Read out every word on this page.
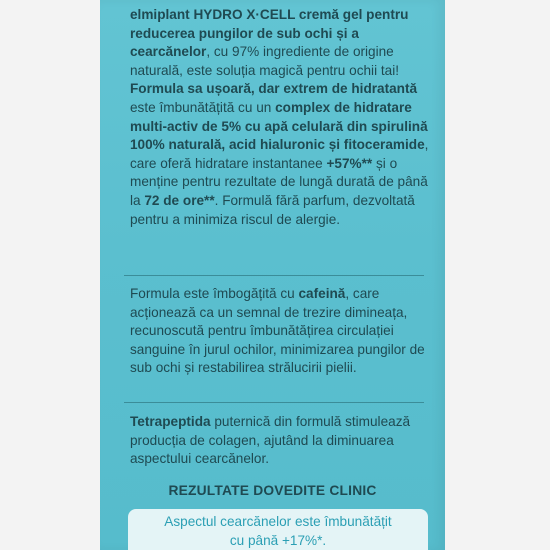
elmiplant HYDRO X·CELL cremă gel pentru reducerea pungilor de sub ochi și a cearcănelor, cu 97% ingrediente de origine naturală, este soluția magică pentru ochii tai! Formula sa ușoară, dar extrem de hidratantă este îmbunătățită cu un complex de hidratare multi-activ de 5% cu apă celulară din spirulină 100% naturală, acid hialuronic și fitoceramide, care oferă hidratare instantanee +57%** și o menține pentru rezultate de lungă durată de până la 72 de ore**. Formulă fără parfum, dezvoltată pentru a minimiza riscul de alergie.

Formula este îmbogățită cu cafeină, care acționează ca un semnal de trezire dimineața, recunoscută pentru îmbunătățirea circulației sanguine în jurul ochilor, minimizarea pungilor de sub ochi și restabilirea strălucirii pielii.

Tetrapeptida puternică din formulă stimulează producția de colagen, ajutând la diminuarea aspectului cearcănelor.

REZULTATE DOVEDITE CLINIC
Aspectul cearcănelor este îmbunătățit
cu până +17%*.
